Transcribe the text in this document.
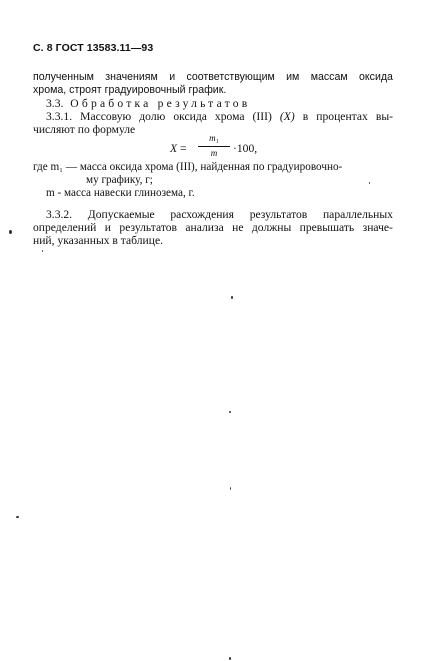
С. 8 ГОСТ 13583.11—93
полученным значениям и соответствующим им массам оксида
хрома, строят градуировочный график.
3.3. Обработка результатов
3.3.1. Массовую долю оксида хрома (III) (X) в процентах вы-
числяют по формуле
X =
m₁
m	·100,
где m₁ — масса оксида хрома (III), найденная по градуировочно-
му графику, г;
m - масса навески глинозема, г.
3.3.2. Допускаемые расхождения результатов параллельных
определений и результатов анализа не должны превышать значе-
ний, указанных в таблице.
